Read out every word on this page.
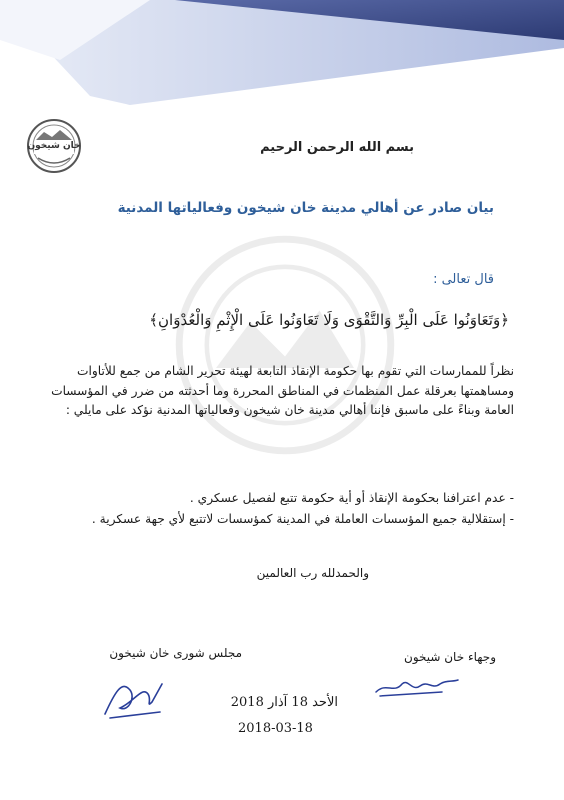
خان شيخون	بسم الله الرحمن الرحيم
بيان صادر عن أهالي مدينة خان شيخون وفعالياتها المدنية
قال تعالى :
﴿وَتَعَاوَنُوا عَلَى الْبِرِّ وَالتَّقْوَى وَلَا تَعَاوَنُوا عَلَى الْإِثْمِ وَالْعُدْوَانِ﴾
نظراً للممارسات التي تقوم بها حكومة الإنقاذ التابعة لهيئة تحرير الشام من جمع للأتاوات ومساهمتها بعرقلة عمل المنظمات في المناطق المحررة وما أحدثته من ضرر في المؤسسات العامة وبناءً على ماسبق فإننا أهالي مدينة خان شيخون وفعالياتها المدنية نؤكد على مايلي :
- عدم اعترافنا بحكومة الإنقاذ أو أية حكومة تتبع لفصيل عسكري .
- إستقلالية جميع المؤسسات العاملة في المدينة كمؤسسات لاتتبع لأي جهة عسكرية .
والحمدلله رب العالمين
مجلس شورى خان شيخون	وجهاء خان شيخون
الأحد 18 آذار 2018
2018-03-18
